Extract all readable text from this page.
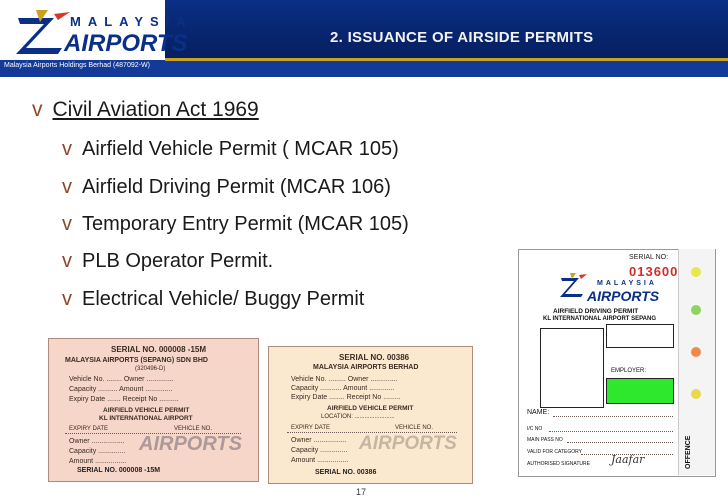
MALAYSIA
AIRPORTS
Malaysia Airports Holdings Berhad (487092-W)
2. ISSUANCE OF AIRSIDE PERMITS
v Civil Aviation Act 1969
v Airfield Vehicle Permit ( MCAR 105)
v Airfield Driving Permit (MCAR 106)
v Temporary Entry Permit (MCAR 105)
v PLB Operator Permit.
v Electrical Vehicle/ Buggy Permit
SERIAL NO. 000008 -15M
MALAYSIA AIRPORTS (SEPANG) SDN BHD
(320496-D)
Vehicle No. ........ Owner ..............
Capacity .......... Amount ..............
Expiry Date ....... Receipt No ..........
AIRFIELD VEHICLE PERMIT
KL INTERNATIONAL AIRPORT
EXPIRY DATE	VEHICLE NO.
Owner .................
Capacity ..............
Amount ................
AIRPORTS
SERIAL NO. 000008 -15M
SERIAL NO. 00386
MALAYSIA AIRPORTS BERHAD
Vehicle No. ......... Owner ..............
Capacity ........... Amount .............
Expiry Date ........ Receipt No .........
AIRFIELD VEHICLE PERMIT
LOCATION: ........................
EXPIRY DATE	VEHICLE NO.
Owner .................
Capacity ..............
Amount ................
AIRPORTS
SERIAL NO. 00386
SERIAL NO:
013600
MALAYSIA
AIRPORTS
AIRFIELD DRIVING PERMIT
KL INTERNATIONAL AIRPORT SEPANG
EMPLOYER:
NAME:
I/C NO
MAIN PASS NO
VALID FOR CATEGORY
AUTHORISED SIGNATURE Jaafar	OFFENCE
17
